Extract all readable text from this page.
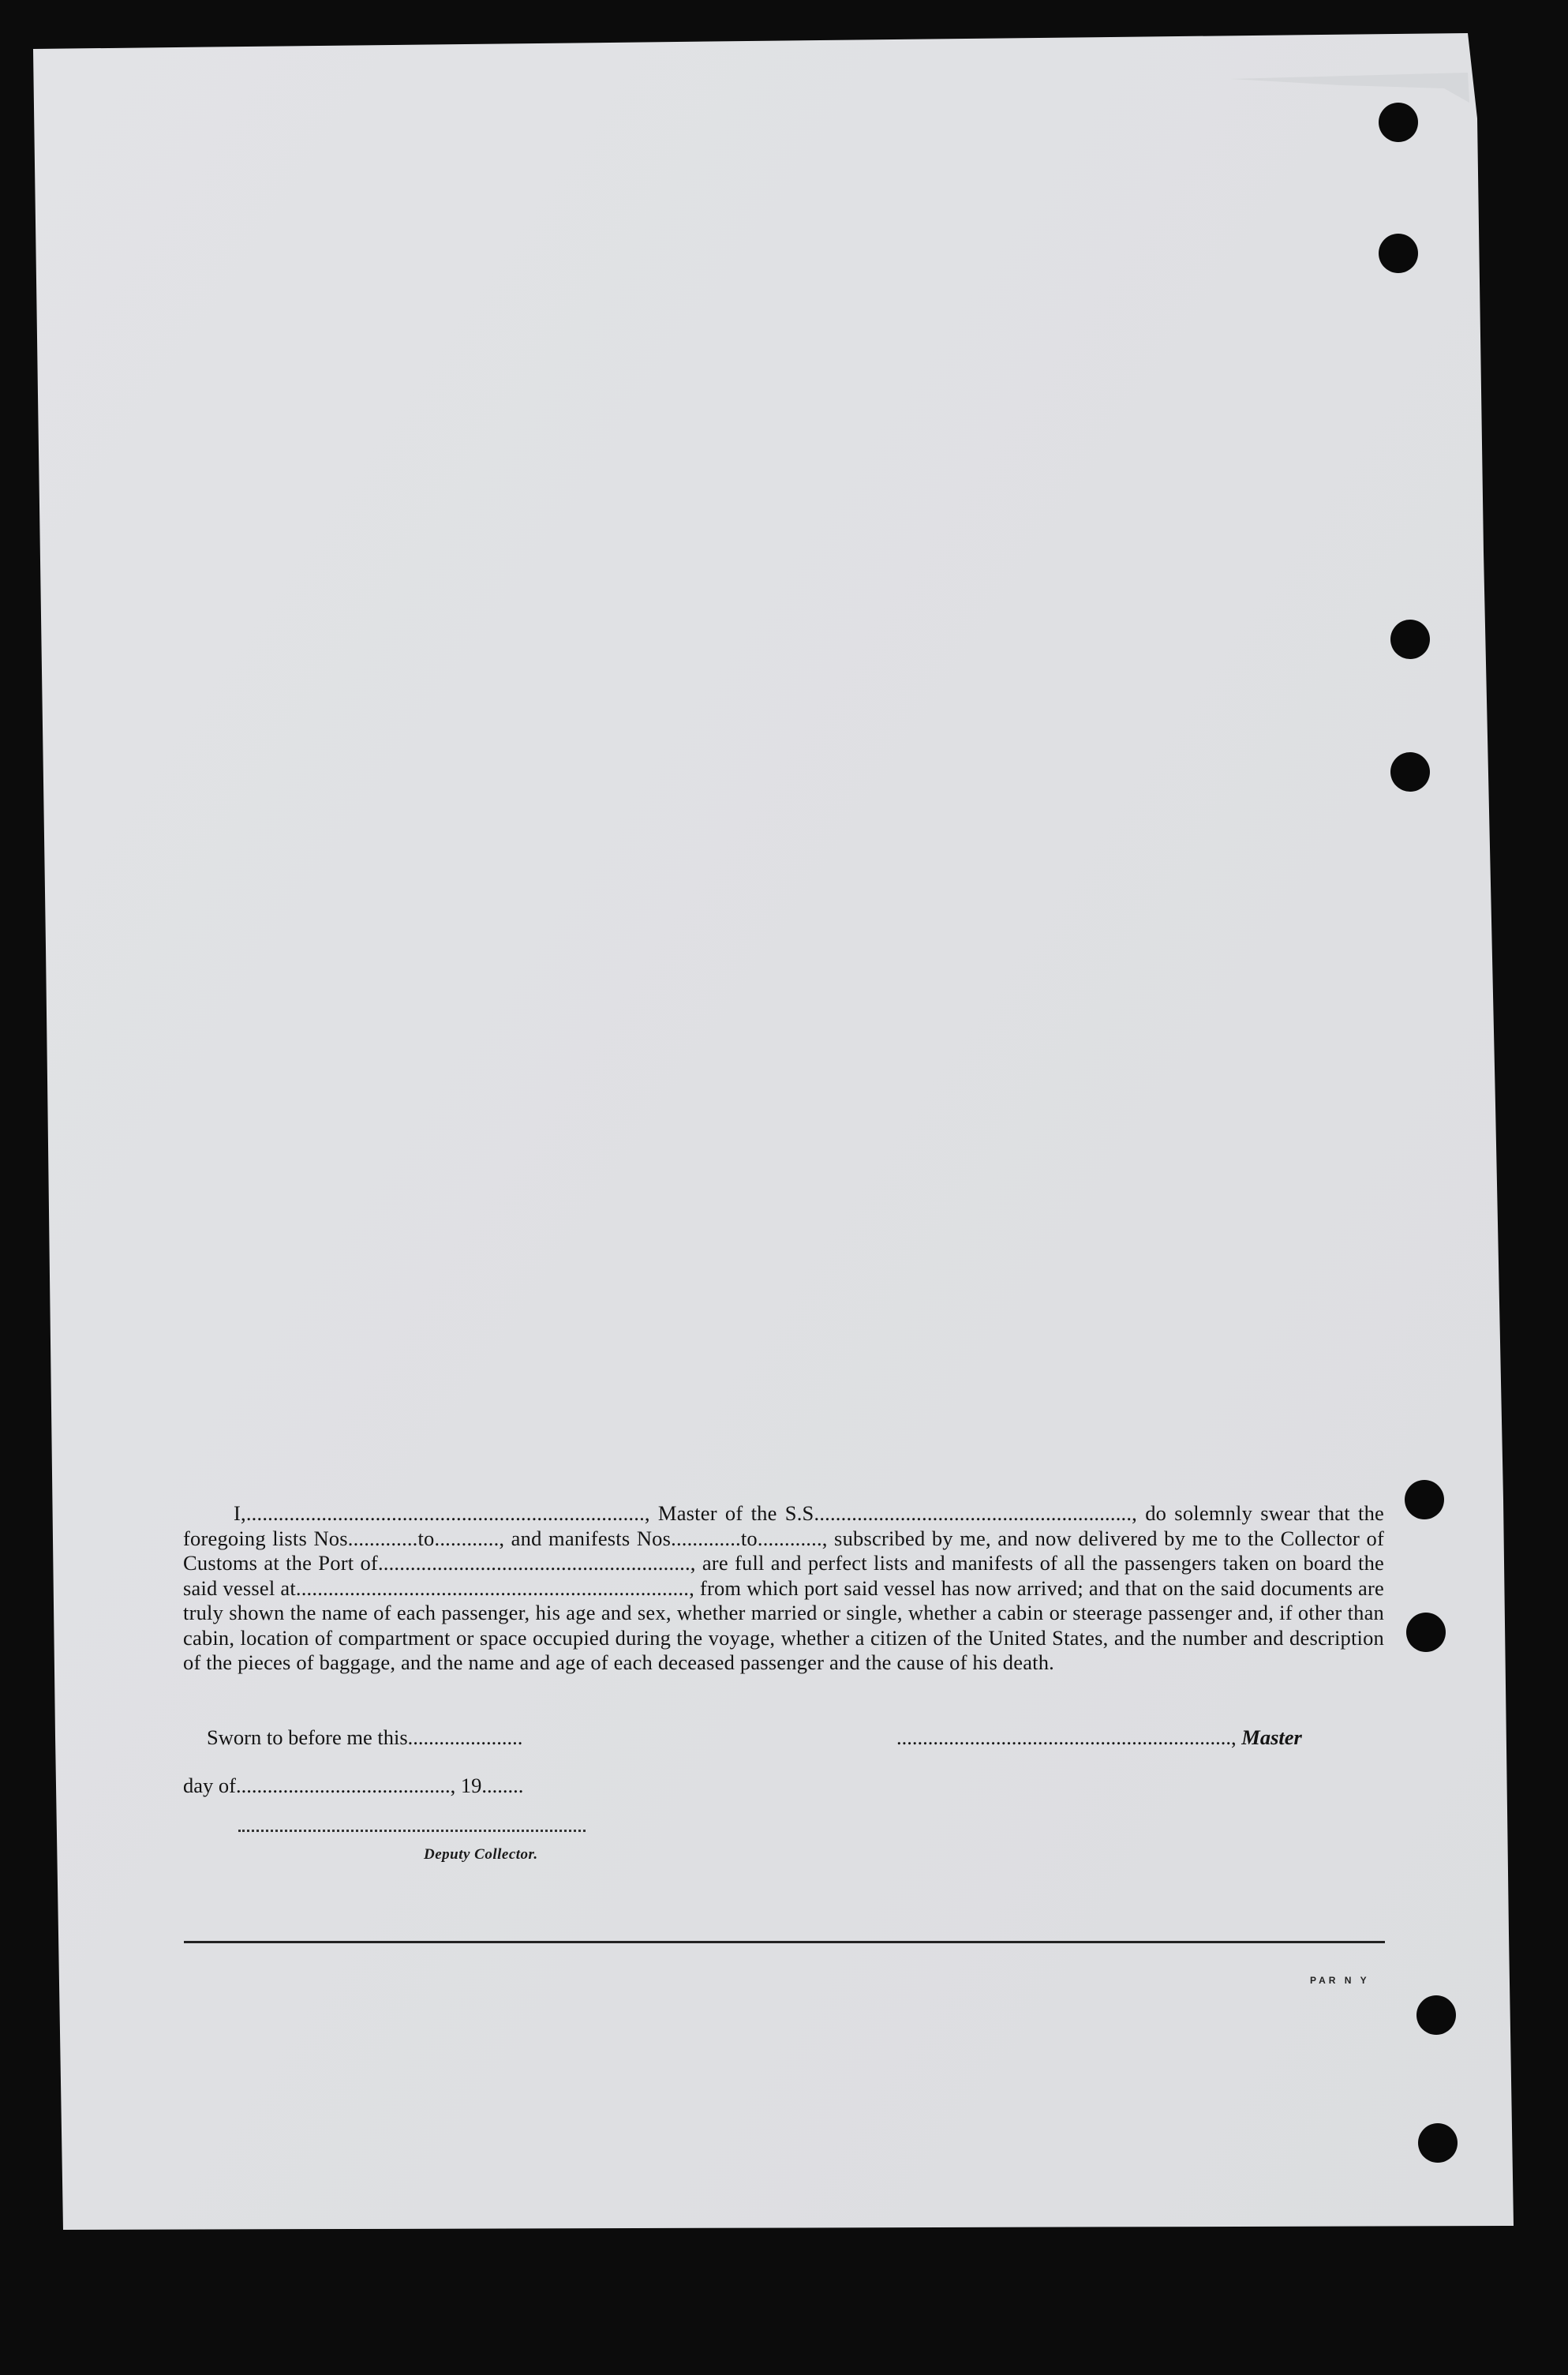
I,.........................................................................., Master of the S.S..........................................................., do solemnly swear that the foregoing lists Nos.............to............, and manifests Nos.............to............, subscribed by me, and now delivered by me to the Collector of Customs at the Port of.........................................................., are full and perfect lists and manifests of all the passengers taken on board the said vessel at........................................................................., from which port said vessel has now arrived; and that on the said documents are truly shown the name of each passenger, his age and sex, whether married or single, whether a cabin or steerage passenger and, if other than cabin, location of compartment or space occupied during the voyage, whether a citizen of the United States, and the number and description of the pieces of baggage, and the name and age of each deceased passenger and the cause of his death.

Sworn to before me this......................	................................................................, Master
day of........................................., 19........
Deputy Collector.
PAR N Y
